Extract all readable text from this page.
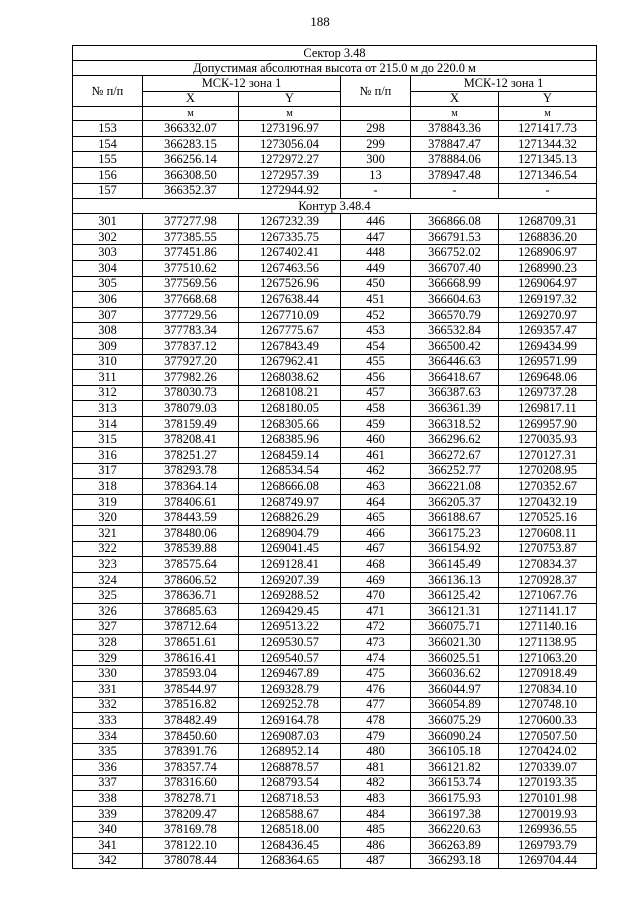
188
Сектор 3.48					
Допустимая абсолютная высота от 215.0 м до 220.0 м					
№ п/п	МСК-12 зона 1		№ п/п	МСК-12 зона 1	
	X	Y		X	Y
	м	м		м	м
153	366332.07	1273196.97	298	378843.36	1271417.73
154	366283.15	1273056.04	299	378847.47	1271344.32
155	366256.14	1272972.27	300	378884.06	1271345.13
156	366308.50	1272957.39	13	378947.48	1271346.54
157	366352.37	1272944.92	-	-	-
Контур 3.48.4					
301	377277.98	1267232.39	446	366866.08	1268709.31
302	377385.55	1267335.75	447	366791.53	1268836.20
303	377451.86	1267402.41	448	366752.02	1268906.97
304	377510.62	1267463.56	449	366707.40	1268990.23
305	377569.56	1267526.96	450	366668.99	1269064.97
306	377668.68	1267638.44	451	366604.63	1269197.32
307	377729.56	1267710.09	452	366570.79	1269270.97
308	377783.34	1267775.67	453	366532.84	1269357.47
309	377837.12	1267843.49	454	366500.42	1269434.99
310	377927.20	1267962.41	455	366446.63	1269571.99
311	377982.26	1268038.62	456	366418.67	1269648.06
312	378030.73	1268108.21	457	366387.63	1269737.28
313	378079.03	1268180.05	458	366361.39	1269817.11
314	378159.49	1268305.66	459	366318.52	1269957.90
315	378208.41	1268385.96	460	366296.62	1270035.93
316	378251.27	1268459.14	461	366272.67	1270127.31
317	378293.78	1268534.54	462	366252.77	1270208.95
318	378364.14	1268666.08	463	366221.08	1270352.67
319	378406.61	1268749.97	464	366205.37	1270432.19
320	378443.59	1268826.29	465	366188.67	1270525.16
321	378480.06	1268904.79	466	366175.23	1270608.11
322	378539.88	1269041.45	467	366154.92	1270753.87
323	378575.64	1269128.41	468	366145.49	1270834.37
324	378606.52	1269207.39	469	366136.13	1270928.37
325	378636.71	1269288.52	470	366125.42	1271067.76
326	378685.63	1269429.45	471	366121.31	1271141.17
327	378712.64	1269513.22	472	366075.71	1271140.16
328	378651.61	1269530.57	473	366021.30	1271138.95
329	378616.41	1269540.57	474	366025.51	1271063.20
330	378593.04	1269467.89	475	366036.62	1270918.49
331	378544.97	1269328.79	476	366044.97	1270834.10
332	378516.82	1269252.78	477	366054.89	1270748.10
333	378482.49	1269164.78	478	366075.29	1270600.33
334	378450.60	1269087.03	479	366090.24	1270507.50
335	378391.76	1268952.14	480	366105.18	1270424.02
336	378357.74	1268878.57	481	366121.82	1270339.07
337	378316.60	1268793.54	482	366153.74	1270193.35
338	378278.71	1268718.53	483	366175.93	1270101.98
339	378209.47	1268588.67	484	366197.38	1270019.93
340	378169.78	1268518.00	485	366220.63	1269936.55
341	378122.10	1268436.45	486	366263.89	1269793.79
342	378078.44	1268364.65	487	366293.18	1269704.44
